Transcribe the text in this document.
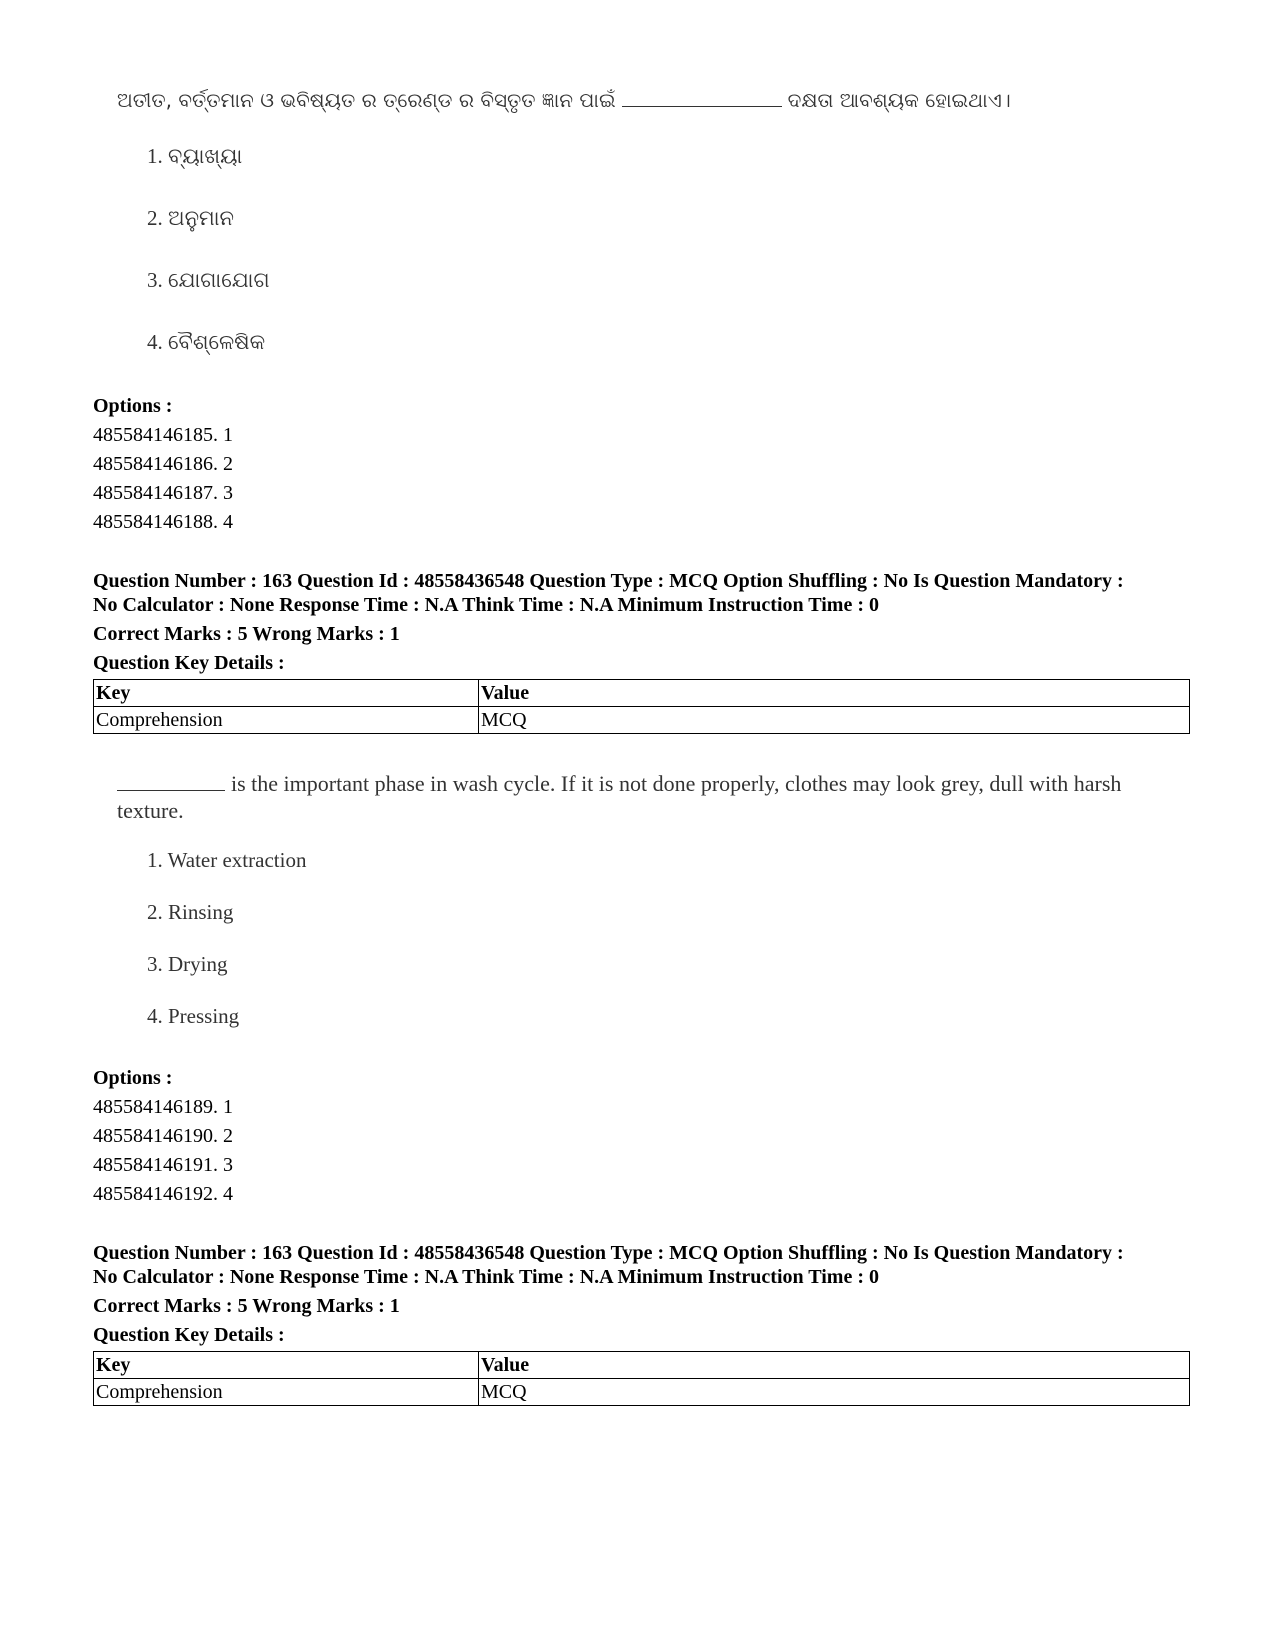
ଅତୀତ, ବର୍ତ୍ତମାନ ଓ ଭବିଷ୍ୟତ ର ତ୍ରେଣ୍ଡ ର ବିସ୍ତୃତ ଜ୍ଞାନ ପାଇଁ	ଦକ୍ଷତା ଆବଶ୍ୟକ ହୋଇଥାଏ।
1. ବ୍ୟାଖ୍ୟା
2. ଅନୁମାନ
3. ଯୋଗାଯୋଗ
4. ବୈଶ୍ଳେଷିକ
Options :
485584146185. 1
485584146186. 2
485584146187. 3
485584146188. 4
Question Number : 163 Question Id : 48558436548 Question Type : MCQ Option Shuffling : No Is Question Mandatory :
No Calculator : None Response Time : N.A Think Time : N.A Minimum Instruction Time : 0
Correct Marks : 5 Wrong Marks : 1
Question Key Details :
Key	Value
Comprehension	MCQ
is the important phase in wash cycle. If it is not done properly, clothes may look grey, dull with harsh texture.
1. Water extraction
2. Rinsing
3. Drying
4. Pressing
Options :
485584146189. 1
485584146190. 2
485584146191. 3
485584146192. 4
Question Number : 163 Question Id : 48558436548 Question Type : MCQ Option Shuffling : No Is Question Mandatory :
No Calculator : None Response Time : N.A Think Time : N.A Minimum Instruction Time : 0
Correct Marks : 5 Wrong Marks : 1
Question Key Details :
Key	Value
Comprehension	MCQ
